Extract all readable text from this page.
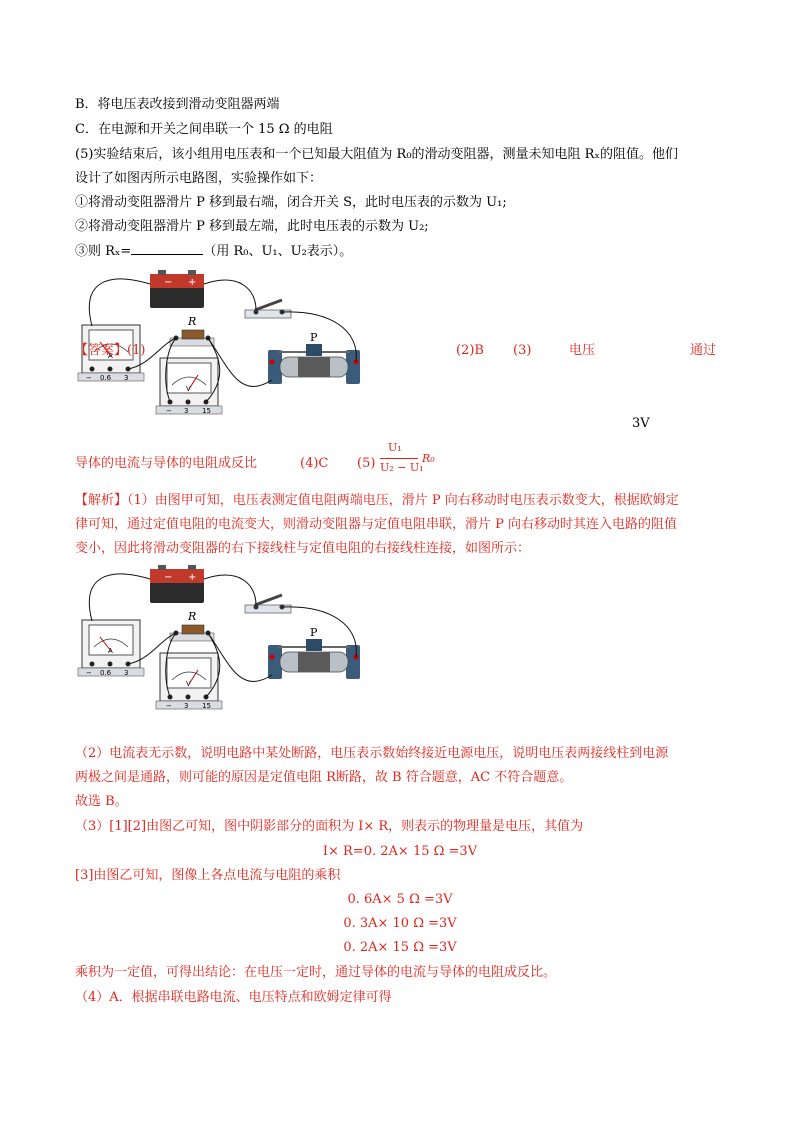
B．将电压表改接到滑动变阻器两端
C．在电源和开关之间串联一个 15 Ω 的电阻
(5)实验结束后，该小组用电压表和一个已知最大阻值为 R₀的滑动变阻器，测量未知电阻 Rₓ的阻值。他们
设计了如图丙所示电路图，实验操作如下：
①将滑动变阻器滑片 P 移到最右端，闭合开关 S，此时电压表的示数为 U₁;
②将滑动变阻器滑片 P 移到最左端，此时电压表的示数为 U₂;
③则 Rₓ=	（用 R₀、U₁、U₂表示）。
【答案】(1)	(2)B (3)	电压	通过
3V
导体的电流与导体的电阻成反比	(4)C (5)
U₁
U₂ − U₁
R₀
【解析】（1）由图甲可知，电压表测定值电阻两端电压，滑片 P 向右移动时电压表示数变大，根据欧姆定
律可知，通过定值电阻的电流变大，则滑动变阻器与定值电阻串联，滑片 P 向右移动时其连入电路的阻值
变小，因此将滑动变阻器的右下接线柱与定值电阻的右接线柱连接，如图所示：
（2）电流表无示数，说明电路中某处断路，电压表示数始终接近电源电压，说明电压表两接线柱到电源
两极之间是通路，则可能的原因是定值电阻 R断路，故 B 符合题意，AC 不符合题意。
故选 B。
（3）[1][2]由图乙可知，图中阴影部分的面积为 I× R，则表示的物理量是电压，其值为
I× R=0. 2A× 15 Ω =3V
[3]由图乙可知，图像上各点电流与电阻的乘积
0. 6A× 5 Ω =3V
0. 3A× 10 Ω =3V
0. 2A× 15 Ω =3V
乘积为一定值，可得出结论：在电压一定时，通过导体的电流与导体的电阻成反比。
（4）A．根据串联电路电流、电压特点和欧姆定律可得
